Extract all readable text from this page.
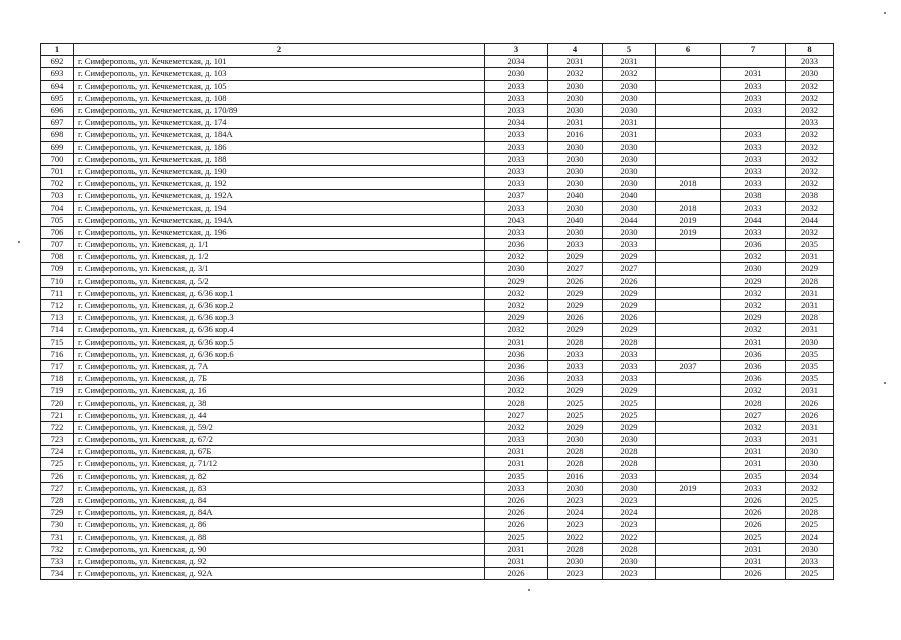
1	2	3	4	5	6	7	8
692	г. Симферополь, ул. Кечкеметская, д. 101	2034	2031	2031			2033
693	г. Симферополь, ул. Кечкеметская, д. 103	2030	2032	2032		2031	2030
694	г. Симферополь, ул. Кечкеметская, д. 105	2033	2030	2030		2033	2032
695	г. Симферополь, ул. Кечкеметская, д. 108	2033	2030	2030		2033	2032
696	г. Симферополь, ул. Кечкеметская, д. 170/89	2033	2030	2030		2033	2032
697	г. Симферополь, ул. Кечкеметская, д. 174	2034	2031	2031			2033
698	г. Симферополь, ул. Кечкеметская, д. 184А	2033	2016	2031		2033	2032
699	г. Симферополь, ул. Кечкеметская, д. 186	2033	2030	2030		2033	2032
700	г. Симферополь, ул. Кечкеметская, д. 188	2033	2030	2030		2033	2032
701	г. Симферополь, ул. Кечкеметская, д. 190	2033	2030	2030		2033	2032
702	г. Симферополь, ул. Кечкеметская, д. 192	2033	2030	2030	2018	2033	2032
703	г. Симферополь, ул. Кечкеметская, д. 192А	2037	2040	2040		2038	2038
704	г. Симферополь, ул. Кечкеметская, д. 194	2033	2030	2030	2018	2033	2032
705	г. Симферополь, ул. Кечкеметская, д. 194А	2043	2040	2044	2019	2044	2044
706	г. Симферополь, ул. Кечкеметская, д. 196	2033	2030	2030	2019	2033	2032
707	г. Симферополь, ул. Киевская, д. 1/1	2036	2033	2033		2036	2035
708	г. Симферополь, ул. Киевская, д. 1/2	2032	2029	2029		2032	2031
709	г. Симферополь, ул. Киевская, д. 3/1	2030	2027	2027		2030	2029
710	г. Симферополь, ул. Киевская, д. 5/2	2029	2026	2026		2029	2028
711	г. Симферополь, ул. Киевская, д. 6/36 кор.1	2032	2029	2029		2032	2031
712	г. Симферополь, ул. Киевская, д. 6/36 кор.2	2032	2029	2029		2032	2031
713	г. Симферополь, ул. Киевская, д. 6/36 кор.3	2029	2026	2026		2029	2028
714	г. Симферополь, ул. Киевская, д. 6/36 кор.4	2032	2029	2029		2032	2031
715	г. Симферополь, ул. Киевская, д. 6/36 кор.5	2031	2028	2028		2031	2030
716	г. Симферополь, ул. Киевская, д. 6/36 кор.6	2036	2033	2033		2036	2035
717	г. Симферополь, ул. Киевская, д. 7А	2036	2033	2033	2037	2036	2035
718	г. Симферополь, ул. Киевская, д. 7Б	2036	2033	2033		2036	2035
719	г. Симферополь, ул. Киевская, д. 16	2032	2029	2029		2032	2031
720	г. Симферополь, ул. Киевская, д. 38	2028	2025	2025		2028	2026
721	г. Симферополь, ул. Киевская, д. 44	2027	2025	2025		2027	2026
722	г. Симферополь, ул. Киевская, д. 59/2	2032	2029	2029		2032	2031
723	г. Симферополь, ул. Киевская, д. 67/2	2033	2030	2030		2033	2031
724	г. Симферополь, ул. Киевская, д. 67Б	2031	2028	2028		2031	2030
725	г. Симферополь, ул. Киевская, д. 71/12	2031	2028	2028		2031	2030
726	г. Симферополь, ул. Киевская, д. 82	2035	2016	2033		2035	2034
727	г. Симферополь, ул. Киевская, д. 83	2033	2030	2030	2019	2033	2032
728	г. Симферополь, ул. Киевская, д. 84	2026	2023	2023		2026	2025
729	г. Симферополь, ул. Киевская, д. 84А	2026	2024	2024		2026	2028
730	г. Симферополь, ул. Киевская, д. 86	2026	2023	2023		2026	2025
731	г. Симферополь, ул. Киевская, д. 88	2025	2022	2022		2025	2024
732	г. Симферополь, ул. Киевская, д. 90	2031	2028	2028		2031	2030
733	г. Симферополь, ул. Киевская, д. 92	2031	2030	2030		2031	2033
734	г. Симферополь, ул. Киевская, д. 92А	2026	2023	2023		2026	2025
